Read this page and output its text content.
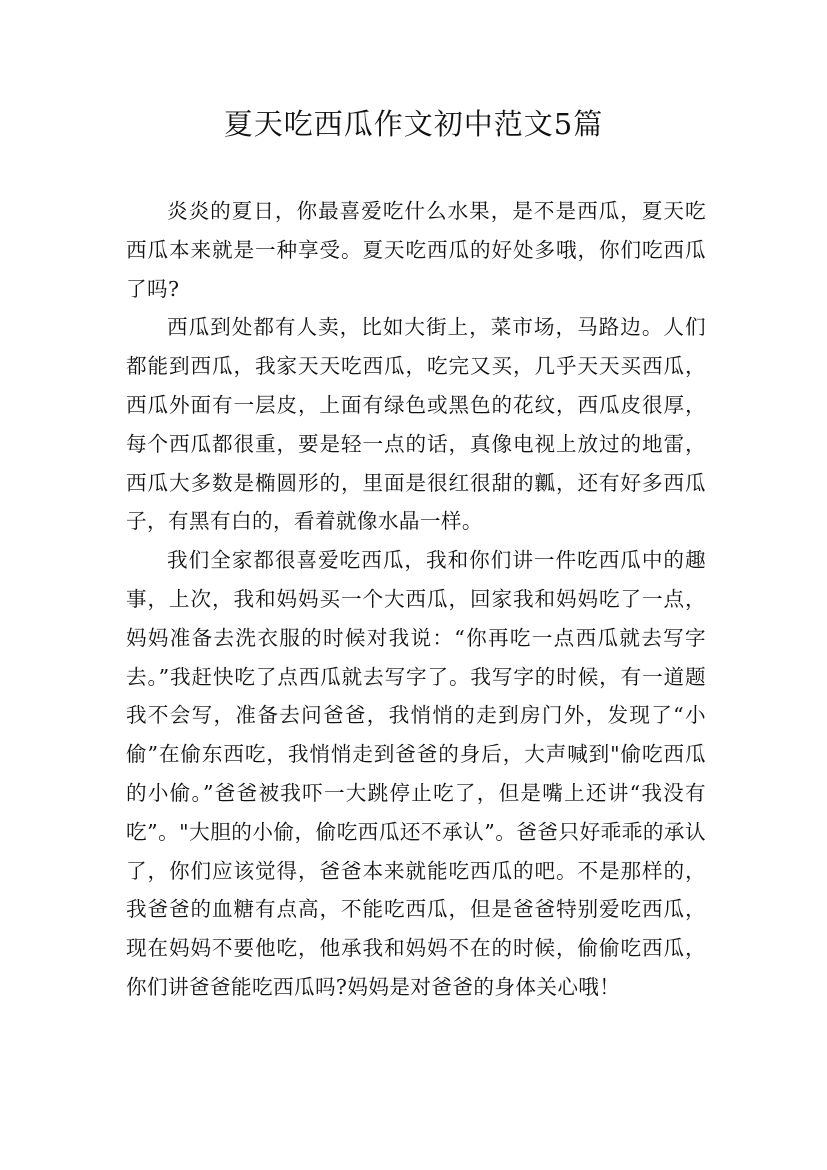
夏天吃西瓜作文初中范文5篇

炎炎的夏日，你最喜爱吃什么水果，是不是西瓜，夏天吃西瓜本来就是一种享受。夏天吃西瓜的好处多哦，你们吃西瓜了吗?

西瓜到处都有人卖，比如大街上，菜市场，马路边。人们都能到西瓜，我家天天吃西瓜，吃完又买，几乎天天买西瓜，西瓜外面有一层皮，上面有绿色或黑色的花纹，西瓜皮很厚，每个西瓜都很重，要是轻一点的话，真像电视上放过的地雷，西瓜大多数是椭圆形的，里面是很红很甜的瓤，还有好多西瓜子，有黑有白的，看着就像水晶一样。

我们全家都很喜爱吃西瓜，我和你们讲一件吃西瓜中的趣事，上次，我和妈妈买一个大西瓜，回家我和妈妈吃了一点，妈妈准备去洗衣服的时候对我说：“你再吃一点西瓜就去写字去。”我赶快吃了点西瓜就去写字了。我写字的时候，有一道题我不会写，准备去问爸爸，我悄悄的走到房门外，发现了“小偷”在偷东西吃，我悄悄走到爸爸的身后，大声喊到"偷吃西瓜的小偷。”爸爸被我吓一大跳停止吃了，但是嘴上还讲“我没有吃”。"大胆的小偷，偷吃西瓜还不承认”。爸爸只好乖乖的承认了，你们应该觉得，爸爸本来就能吃西瓜的吧。不是那样的，我爸爸的血糖有点高，不能吃西瓜，但是爸爸特别爱吃西瓜，现在妈妈不要他吃，他承我和妈妈不在的时候，偷偷吃西瓜，你们讲爸爸能吃西瓜吗?妈妈是对爸爸的身体关心哦！
